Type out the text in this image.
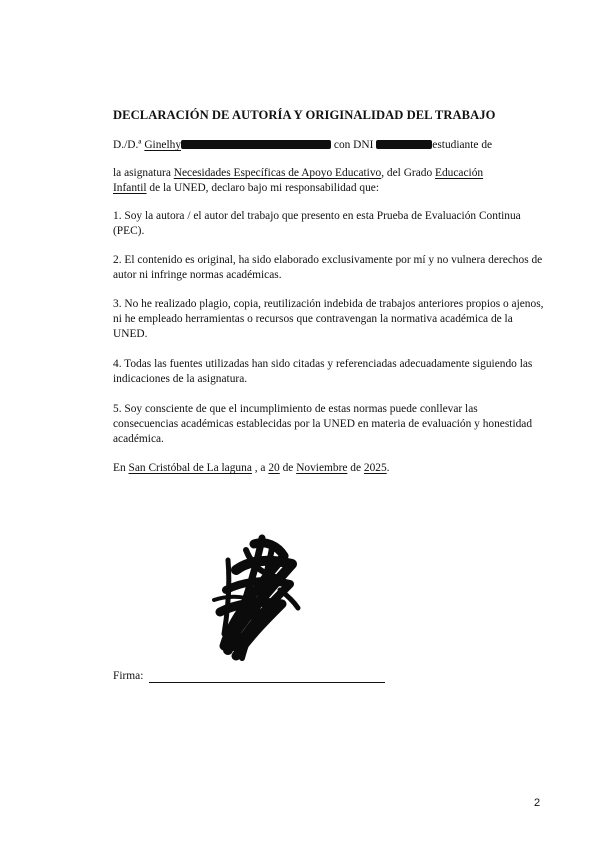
DECLARACIÓN DE AUTORÍA Y ORIGINALIDAD DEL TRABAJO
D./D.ª Ginelhy	con DNI	estudiante de
la asignatura Necesidades Específicas de Apoyo Educativo, del Grado Educación
Infantil de la UNED, declaro bajo mi responsabilidad que:
1. Soy la autora / el autor del trabajo que presento en esta Prueba de Evaluación Continua (PEC).
2. El contenido es original, ha sido elaborado exclusivamente por mí y no vulnera derechos de autor ni infringe normas académicas.
3. No he realizado plagio, copia, reutilización indebida de trabajos anteriores propios o ajenos, ni he empleado herramientas o recursos que contravengan la normativa académica de la UNED.
4. Todas las fuentes utilizadas han sido citadas y referenciadas adecuadamente siguiendo las indicaciones de la asignatura.
5. Soy consciente de que el incumplimiento de estas normas puede conllevar las consecuencias académicas establecidas por la UNED en materia de evaluación y honestidad académica.
En San Cristóbal de La laguna , a 20 de Noviembre de 2025.
Firma:
2
